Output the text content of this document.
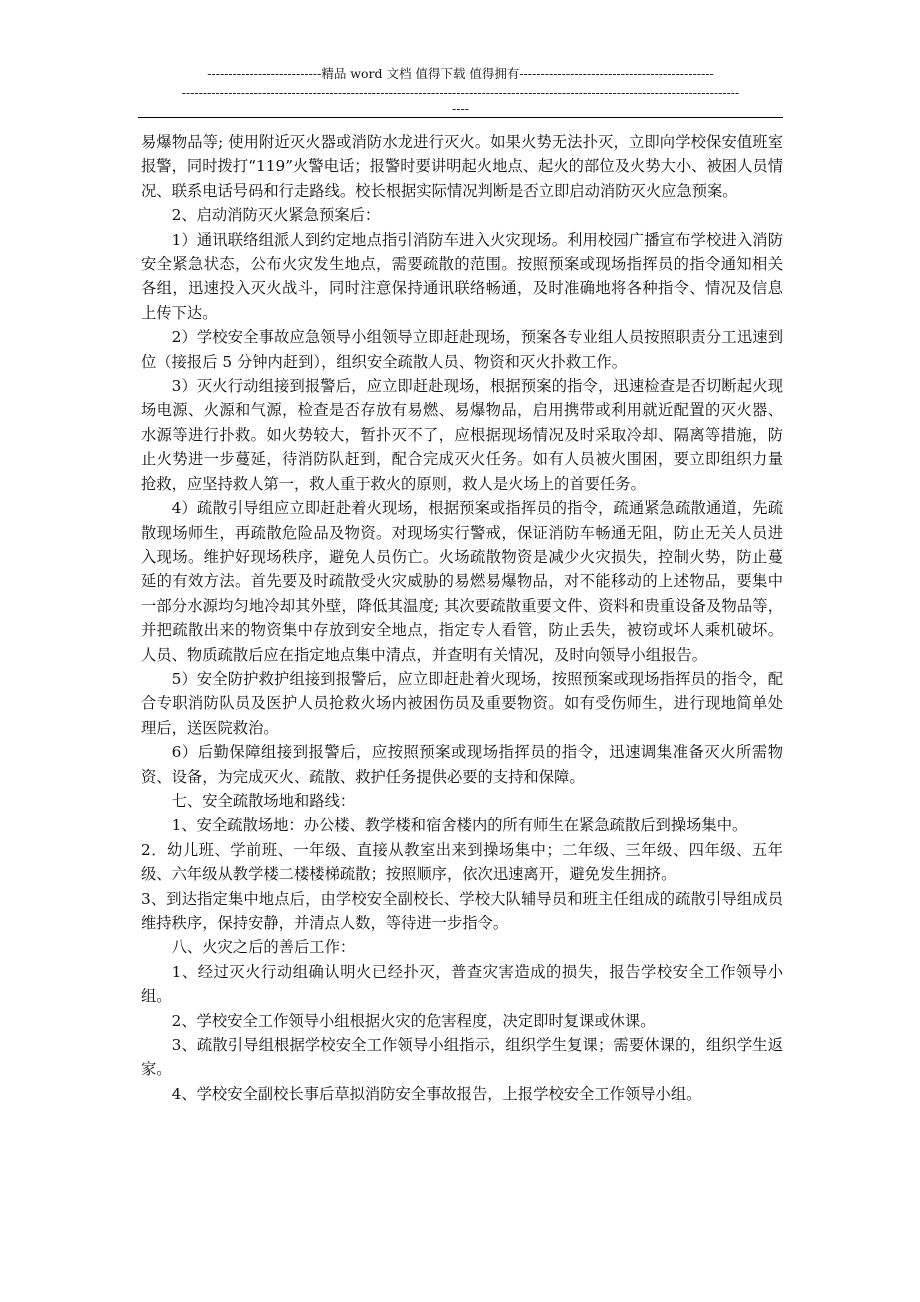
---------------------------精品 word 文档 值得下载 值得拥有----------------------------------------------
------------------------------------------------------------------------------------------------------------------------------------
----

易爆物品等; 使用附近灭火器或消防水龙进行灭火。如果火势无法扑灭，立即向学校保安值班室报警，同时拨打“119”火警电话；报警时要讲明起火地点、起火的部位及火势大小、被困人员情况、联系电话号码和行走路线。校长根据实际情况判断是否立即启动消防灭火应急预案。

2、启动消防灭火紧急预案后：

1）通讯联络组派人到约定地点指引消防车进入火灾现场。利用校园广播宣布学校进入消防安全紧急状态，公布火灾发生地点，需要疏散的范围。按照预案或现场指挥员的指令通知相关各组，迅速投入灭火战斗，同时注意保持通讯联络畅通，及时准确地将各种指令、情况及信息上传下达。

2）学校安全事故应急领导小组领导立即赶赴现场，预案各专业组人员按照职责分工迅速到位（接报后 5 分钟内赶到），组织安全疏散人员、物资和灭火扑救工作。

3）灭火行动组接到报警后，应立即赶赴现场，根据预案的指令，迅速检查是否切断起火现场电源、火源和气源，检查是否存放有易燃、易爆物品，启用携带或利用就近配置的灭火器、水源等进行扑救。如火势较大，暂扑灭不了，应根据现场情况及时采取冷却、隔离等措施，防止火势进一步蔓延，待消防队赶到，配合完成灭火任务。如有人员被火围困，要立即组织力量抢救，应坚持救人第一，救人重于救火的原则，救人是火场上的首要任务。

4）疏散引导组应立即赶赴着火现场，根据预案或指挥员的指令，疏通紧急疏散通道，先疏散现场师生，再疏散危险品及物资。对现场实行警戒，保证消防车畅通无阻，防止无关人员进入现场。维护好现场秩序，避免人员伤亡。火场疏散物资是减少火灾损失，控制火势，防止蔓延的有效方法。首先要及时疏散受火灾威胁的易燃易爆物品，对不能移动的上述物品，要集中一部分水源均匀地冷却其外壁，降低其温度; 其次要疏散重要文件、资料和贵重设备及物品等，并把疏散出来的物资集中存放到安全地点，指定专人看管，防止丢失，被窃或坏人乘机破坏。人员、物质疏散后应在指定地点集中清点，并查明有关情况，及时向领导小组报告。

5）安全防护救护组接到报警后，应立即赶赴着火现场，按照预案或现场指挥员的指令，配合专职消防队员及医护人员抢救火场内被困伤员及重要物资。如有受伤师生，进行现地简单处理后，送医院救治。

6）后勤保障组接到报警后，应按照预案或现场指挥员的指令，迅速调集准备灭火所需物资、设备，为完成灭火、疏散、救护任务提供必要的支持和保障。

七、安全疏散场地和路线：

1、安全疏散场地：办公楼、教学楼和宿舍楼内的所有师生在紧急疏散后到操场集中。

2．幼儿班、学前班、一年级、直接从教室出来到操场集中；二年级、三年级、四年级、五年级、六年级从教学楼二楼楼梯疏散；按照顺序，依次迅速离开，避免发生拥挤。

3、到达指定集中地点后，由学校安全副校长、学校大队辅导员和班主任组成的疏散引导组成员维持秩序，保持安静，并清点人数，等待进一步指令。

八、火灾之后的善后工作：

1、经过灭火行动组确认明火已经扑灭，普查灾害造成的损失，报告学校安全工作领导小组。

2、学校安全工作领导小组根据火灾的危害程度，决定即时复课或休课。

3、疏散引导组根据学校安全工作领导小组指示，组织学生复课；需要休课的，组织学生返家。

4、学校安全副校长事后草拟消防安全事故报告，上报学校安全工作领导小组。
